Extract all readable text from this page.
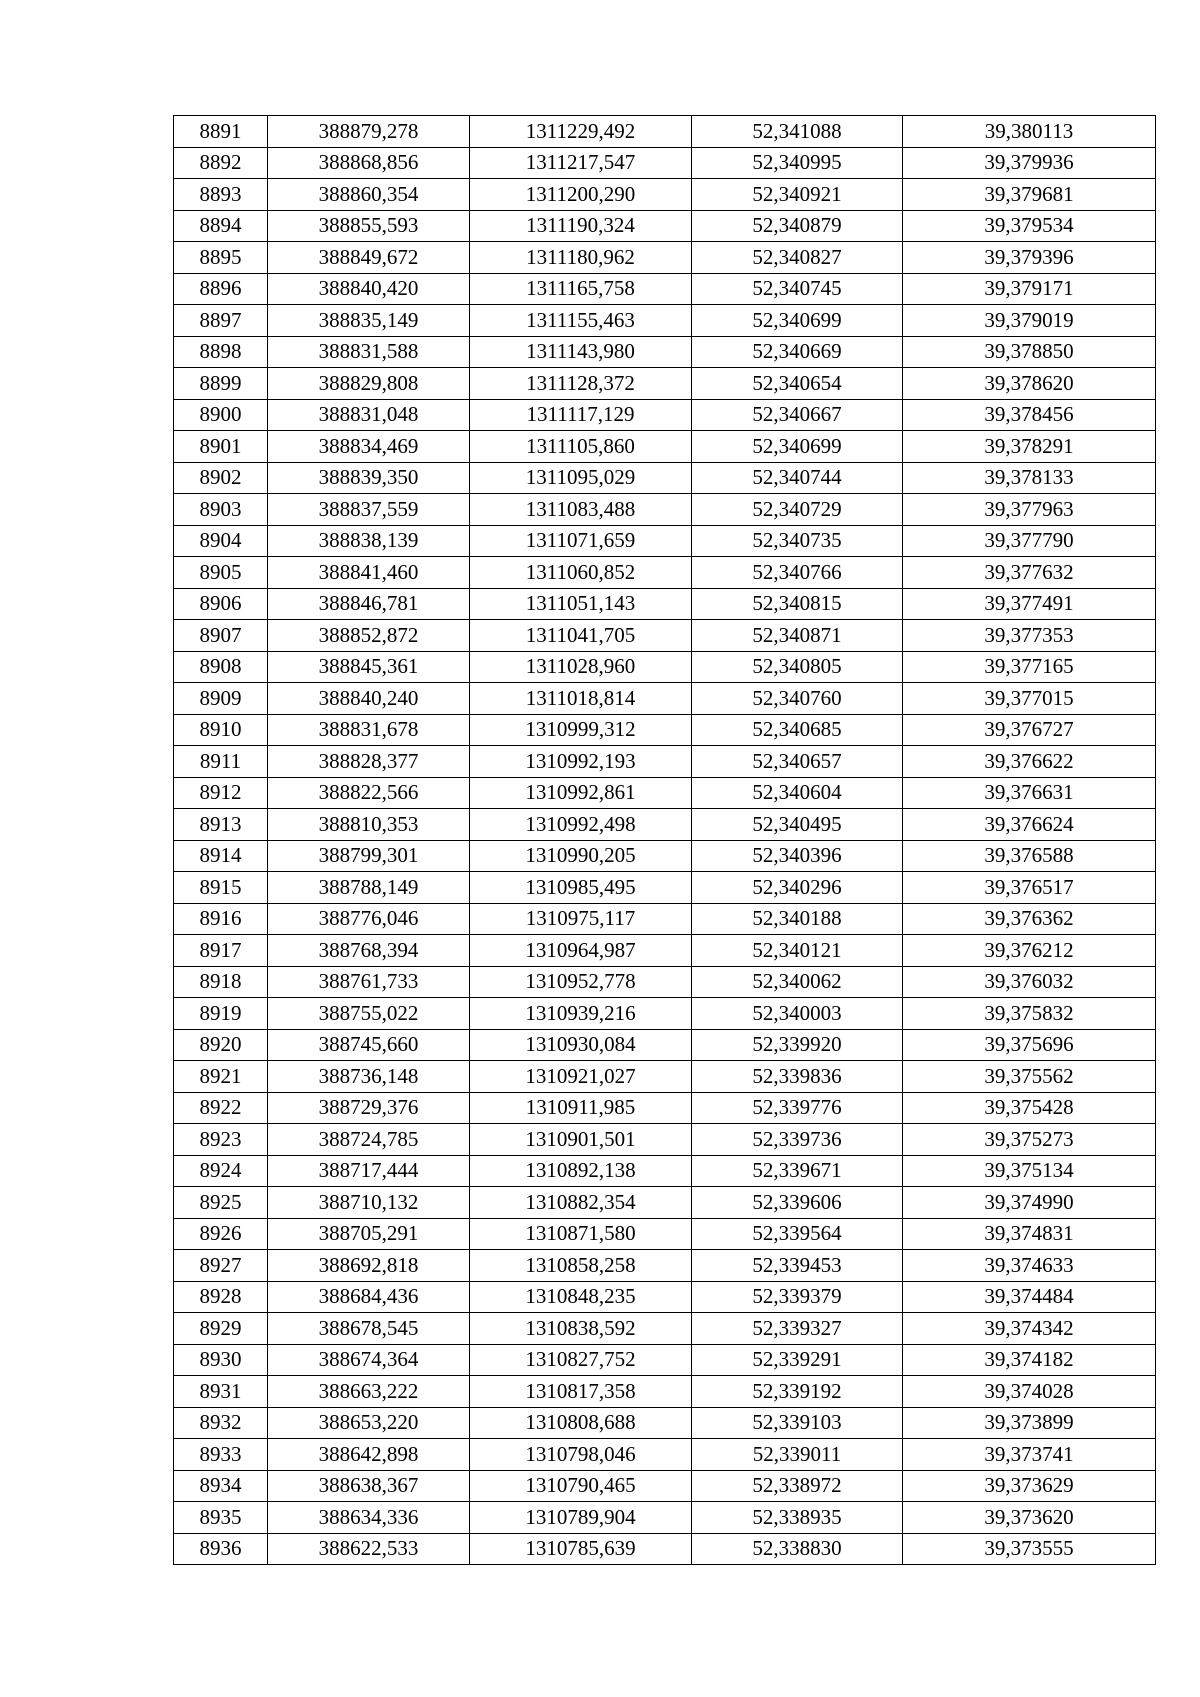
8891	388879,278	1311229,492	52,341088	39,380113
8892	388868,856	1311217,547	52,340995	39,379936
8893	388860,354	1311200,290	52,340921	39,379681
8894	388855,593	1311190,324	52,340879	39,379534
8895	388849,672	1311180,962	52,340827	39,379396
8896	388840,420	1311165,758	52,340745	39,379171
8897	388835,149	1311155,463	52,340699	39,379019
8898	388831,588	1311143,980	52,340669	39,378850
8899	388829,808	1311128,372	52,340654	39,378620
8900	388831,048	1311117,129	52,340667	39,378456
8901	388834,469	1311105,860	52,340699	39,378291
8902	388839,350	1311095,029	52,340744	39,378133
8903	388837,559	1311083,488	52,340729	39,377963
8904	388838,139	1311071,659	52,340735	39,377790
8905	388841,460	1311060,852	52,340766	39,377632
8906	388846,781	1311051,143	52,340815	39,377491
8907	388852,872	1311041,705	52,340871	39,377353
8908	388845,361	1311028,960	52,340805	39,377165
8909	388840,240	1311018,814	52,340760	39,377015
8910	388831,678	1310999,312	52,340685	39,376727
8911	388828,377	1310992,193	52,340657	39,376622
8912	388822,566	1310992,861	52,340604	39,376631
8913	388810,353	1310992,498	52,340495	39,376624
8914	388799,301	1310990,205	52,340396	39,376588
8915	388788,149	1310985,495	52,340296	39,376517
8916	388776,046	1310975,117	52,340188	39,376362
8917	388768,394	1310964,987	52,340121	39,376212
8918	388761,733	1310952,778	52,340062	39,376032
8919	388755,022	1310939,216	52,340003	39,375832
8920	388745,660	1310930,084	52,339920	39,375696
8921	388736,148	1310921,027	52,339836	39,375562
8922	388729,376	1310911,985	52,339776	39,375428
8923	388724,785	1310901,501	52,339736	39,375273
8924	388717,444	1310892,138	52,339671	39,375134
8925	388710,132	1310882,354	52,339606	39,374990
8926	388705,291	1310871,580	52,339564	39,374831
8927	388692,818	1310858,258	52,339453	39,374633
8928	388684,436	1310848,235	52,339379	39,374484
8929	388678,545	1310838,592	52,339327	39,374342
8930	388674,364	1310827,752	52,339291	39,374182
8931	388663,222	1310817,358	52,339192	39,374028
8932	388653,220	1310808,688	52,339103	39,373899
8933	388642,898	1310798,046	52,339011	39,373741
8934	388638,367	1310790,465	52,338972	39,373629
8935	388634,336	1310789,904	52,338935	39,373620
8936	388622,533	1310785,639	52,338830	39,373555
